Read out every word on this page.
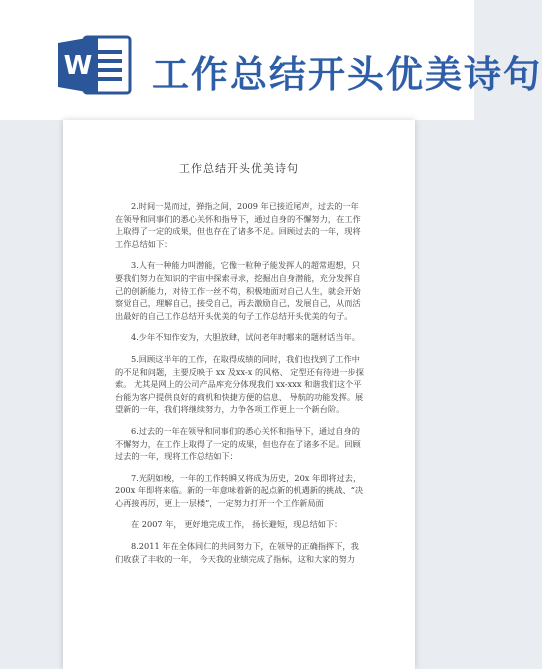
W 工作总结开头优美诗句
工作总结开头优美诗句

2.时间一晃而过，弹指之间，2009 年已接近尾声，过去的一年在领导和同事们的悉心关怀和指导下，通过自身的不懈努力，在工作上取得了一定的成果，但也存在了诸多不足。回顾过去的一年，现将工作总结如下：

3.人有一种能力叫潜能，它像一粒种子能发挥人的超常遐想，只要我们努力在知识的宇宙中探索寻求，挖掘出自身潜能，充分发挥自己的创新能力，对待工作一丝不苟，积极地面对自己人生，就会开始察觉自己，理解自己，接受自己，再去激励自己，发展自己，从而活出最好的自己工作总结开头优美的句子工作总结开头优美的句子。

4.少年不知作安为，大胆放肆，试问老年时哪来的题材话当年。

5.回顾这半年的工作，在取得成绩的同时，我们也找到了工作中的不足和问题，主要反映于 xx 及xx-x 的风格、 定型还有待进一步探索。 尤其是网上的公司产品库充分体现我们 xx-xxx 和谐我们这个平台能为客户提供良好的商机和快捷方便的信息、 导航的功能发挥。展望新的一年，我们将继续努力，力争各项工作更上一个新台阶。

6.过去的一年在领导和同事们的悉心关怀和指导下，通过自身的不懈努力，在工作上取得了一定的成果，但也存在了诸多不足。回顾过去的一年，现将工作总结如下：

7.光阴如梭，一年的工作转瞬又将成为历史，20x 年即将过去，200x 年即将来临。新的一年意味着新的起点新的机遇新的挑战、“决心再接再厉，更上一层楼”，一定努力打开一个工作新局面

在 2007 年， 更好地完成工作， 扬长避短，现总结如下：

8.2011 年在全体同仁的共同努力下，在领导的正确指挥下，我们收获了丰收的一年， 今天我的业绩完成了指标，这和大家的努力
